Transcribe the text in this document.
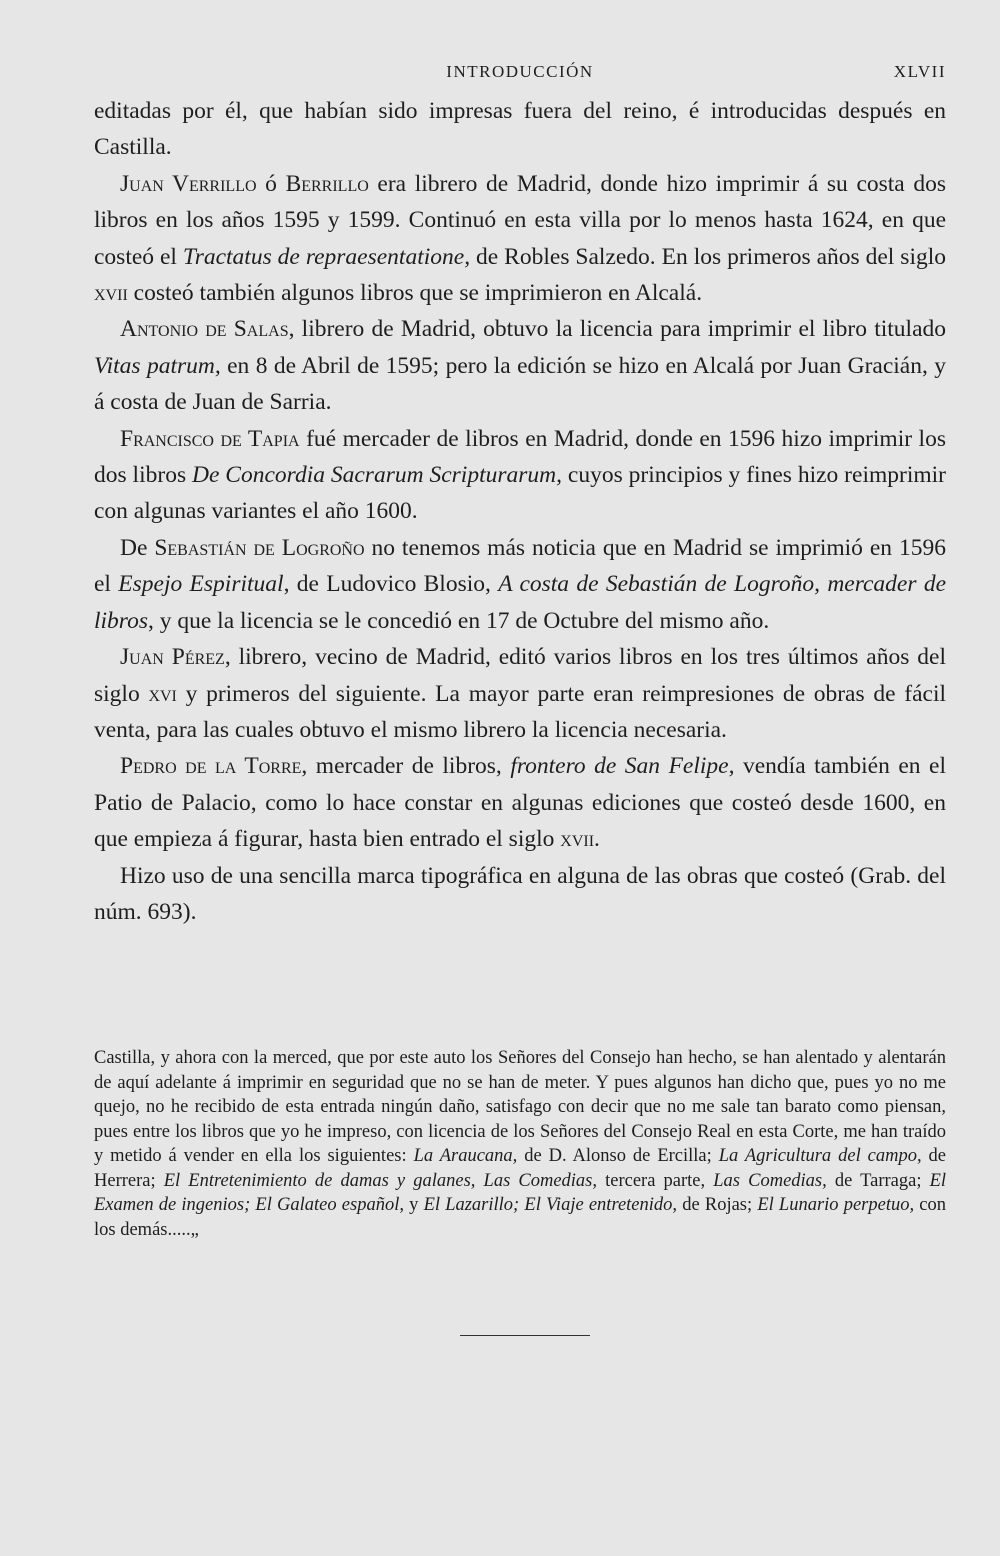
INTRODUCCIÓN	XLVII

editadas por él, que habían sido impresas fuera del reino, é introducidas después en Castilla.

Juan Verrillo ó Berrillo era librero de Madrid, donde hizo imprimir á su costa dos libros en los años 1595 y 1599. Continuó en esta villa por lo menos hasta 1624, en que costeó el Tractatus de repraesentatione, de Robles Salzedo. En los primeros años del siglo xvii costeó también algunos libros que se imprimieron en Alcalá.

Antonio de Salas, librero de Madrid, obtuvo la licencia para imprimir el libro titulado Vitas patrum, en 8 de Abril de 1595; pero la edición se hizo en Alcalá por Juan Gracián, y á costa de Juan de Sarria.

Francisco de Tapia fué mercader de libros en Madrid, donde en 1596 hizo imprimir los dos libros De Concordia Sacrarum Scripturarum, cuyos principios y fines hizo reimprimir con algunas variantes el año 1600.

De Sebastián de Logroño no tenemos más noticia que en Madrid se imprimió en 1596 el Espejo Espiritual, de Ludovico Blosio, A costa de Sebastián de Logroño, mercader de libros, y que la licencia se le concedió en 17 de Octubre del mismo año.

Juan Pérez, librero, vecino de Madrid, editó varios libros en los tres últimos años del siglo xvi y primeros del siguiente. La mayor parte eran reimpresiones de obras de fácil venta, para las cuales obtuvo el mismo librero la licencia necesaria.

Pedro de la Torre, mercader de libros, frontero de San Felipe, vendía también en el Patio de Palacio, como lo hace constar en algunas ediciones que costeó desde 1600, en que empieza á figurar, hasta bien entrado el siglo xvii.

Hizo uso de una sencilla marca tipográfica en alguna de las obras que costeó (Grab. del núm. 693).

Castilla, y ahora con la merced, que por este auto los Señores del Consejo han hecho, se han alentado y alentarán de aquí adelante á imprimir en seguridad que no se han de meter. Y pues algunos han dicho que, pues yo no me quejo, no he recibido de esta entrada ningún daño, satisfago con decir que no me sale tan barato como piensan, pues entre los libros que yo he impreso, con licencia de los Señores del Consejo Real en esta Corte, me han traído y metido á vender en ella los siguientes: La Araucana, de D. Alonso de Ercilla; La Agricultura del campo, de Herrera; El Entretenimiento de damas y galanes, Las Comedias, tercera parte, Las Comedias, de Tarraga; El Examen de ingenios; El Galateo español, y El Lazarillo; El Viaje entretenido, de Rojas; El Lunario perpetuo, con los demás.....„
